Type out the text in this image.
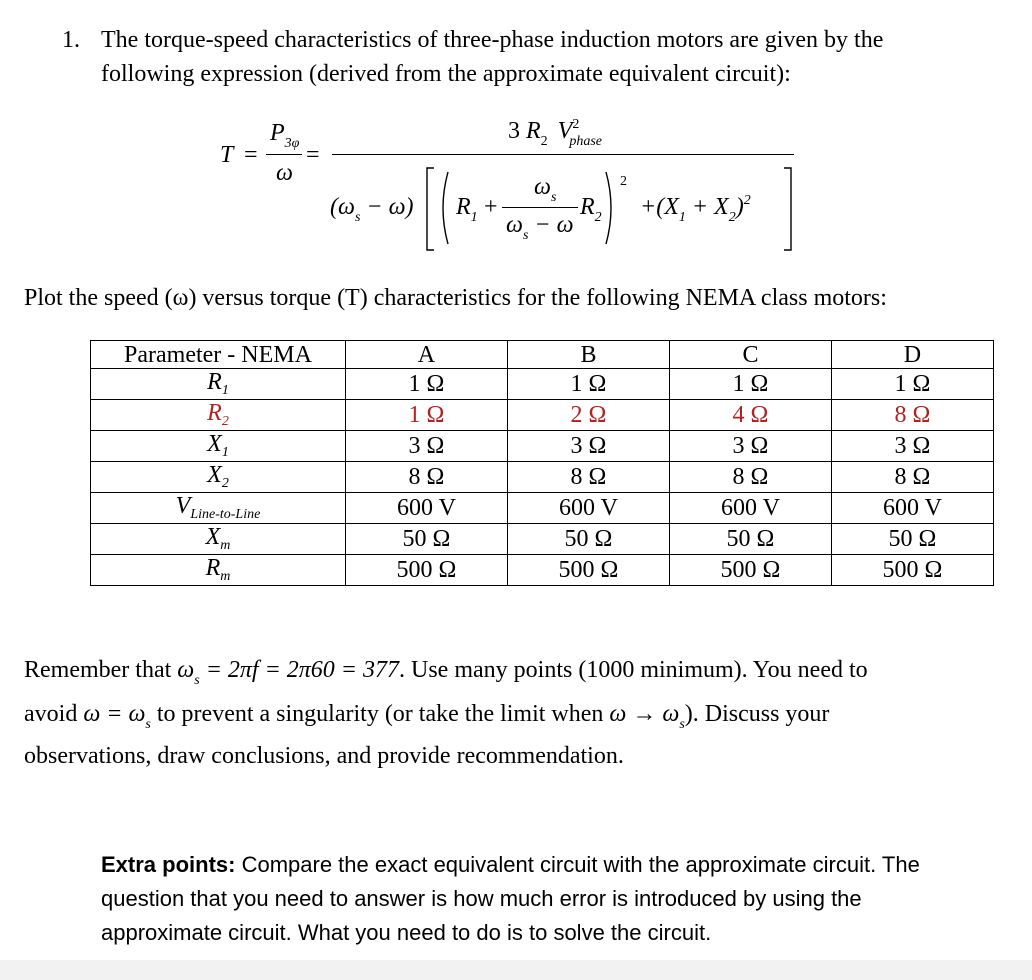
1. The torque-speed characteristics of three-phase induction motors are given by the
following expression (derived from the approximate equivalent circuit):
T =
$P_{3\varphi}$
ω
=
3 $R_2$ $V^2_{phase}$
$(\omega_s - \omega)$
2
$R_1$ +
$\omega_s$
$\omega_s - \omega$
$R_2 +(X_1 + X_2)^2$
Plot the speed (ω) versus torque (T) characteristics for the following NEMA class motors:
Parameter - NEMA	A	B	C	D
$R_1$	1 Ω	1 Ω	1 Ω	1 Ω
$R_2$	1 Ω	2 Ω	4 Ω	8 Ω
$X_1$	3 Ω	3 Ω	3 Ω	3 Ω
$X_2$	8 Ω	8 Ω	8 Ω	8 Ω
$V_{Line-to-Line}$	600 V	600 V	600 V	600 V
$X_m$	50 Ω	50 Ω	50 Ω	50 Ω
$R_m$	500 Ω	500 Ω	500 Ω	500 Ω
Remember that $\omega_s = 2\pi f = 2\pi 60 = 377$. Use many points (1000 minimum). You need to
avoid $\omega = \omega_s$ to prevent a singularity (or take the limit when $\omega \to \omega_s$). Discuss your
observations, draw conclusions, and provide recommendation.
Extra points: Compare the exact equivalent circuit with the approximate circuit. The
question that you need to answer is how much error is introduced by using the
approximate circuit. What you need to do is to solve the circuit.
